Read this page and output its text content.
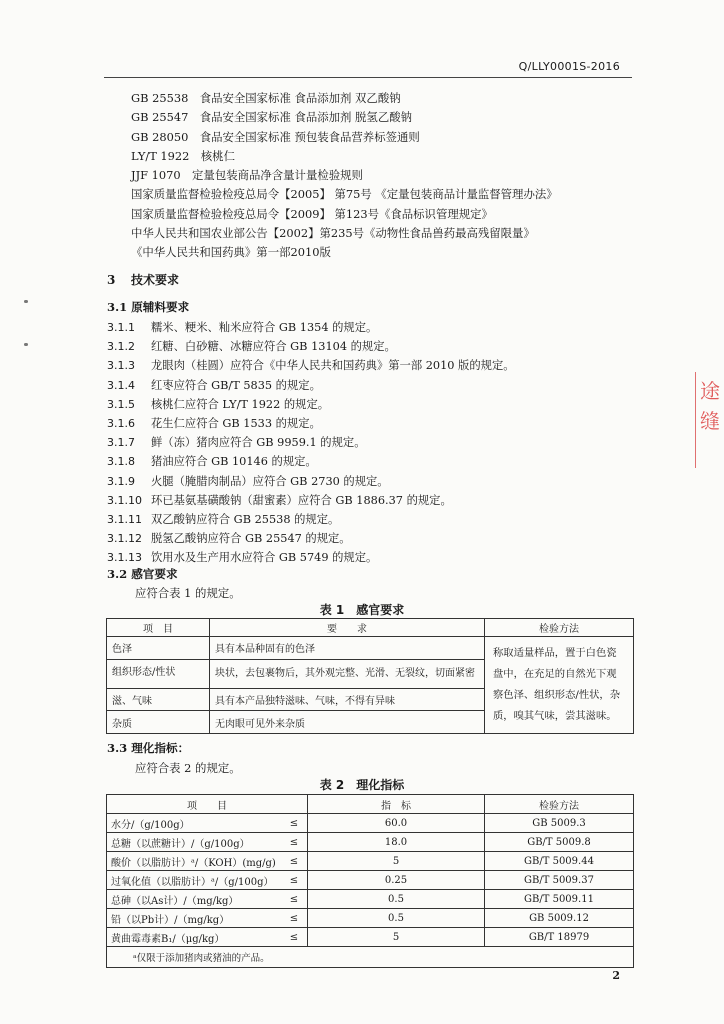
Q/LLY0001S-2016
GB 25538　食品安全国家标准 食品添加剂 双乙酸钠
GB 25547　食品安全国家标准 食品添加剂 脱氢乙酸钠
GB 28050　食品安全国家标准 预包装食品营养标签通则
LY/T 1922　核桃仁
JJF 1070　定量包装商品净含量计量检验规则
国家质量监督检验检疫总局令【2005】 第75号 《定量包装商品计量监督管理办法》
国家质量监督检验检疫总局令【2009】 第123号《食品标识管理规定》
中华人民共和国农业部公告【2002】第235号《动物性食品兽药最高残留限量》
《中华人民共和国药典》第一部2010版
3 技术要求
3.1 原辅料要求
3.1.1 糯米、粳米、籼米应符合 GB 1354 的规定。
3.1.2 红糖、白砂糖、冰糖应符合 GB 13104 的规定。
3.1.3 龙眼肉（桂圆）应符合《中华人民共和国药典》第一部 2010 版的规定。
3.1.4 红枣应符合 GB/T 5835 的规定。
3.1.5 核桃仁应符合 LY/T 1922 的规定。
3.1.6 花生仁应符合 GB 1533 的规定。
3.1.7 鲜（冻）猪肉应符合 GB 9959.1 的规定。
3.1.8 猪油应符合 GB 10146 的规定。
3.1.9 火腿（腌腊肉制品）应符合 GB 2730 的规定。
3.1.10 环已基氨基磺酸钠（甜蜜素）应符合 GB 1886.37 的规定。
3.1.11 双乙酸钠应符合 GB 25538 的规定。
3.1.12 脱氢乙酸钠应符合 GB 25547 的规定。
3.1.13 饮用水及生产用水应符合 GB 5749 的规定。
3.2 感官要求
应符合表 1 的规定。
表 1　感官要求
项　目	要　　求	检验方法
色泽	具有本品种固有的色泽	称取适量样品，置于白色瓷盘中，在充足的自然光下观察色泽、组织形态/性状，杂质，嗅其气味，尝其滋味。
组织形态/性状	块状，去包裹物后，其外观完整、光滑、无裂纹，切面紧密	
滋、气味	具有本产品独特滋味、气味，不得有异味	
杂质	无肉眼可见外来杂质	
3.3 理化指标：
应符合表 2 的规定。
表 2　理化指标
项　　目		指　标	检验方法
水分/（g/100g）	≤	60.0	GB 5009.3
总糖（以蔗糖计）/（g/100g）	≤	18.0	GB/T 5009.8
酸价（以脂肪计）ᵃ/（KOH）(mg/g)	≤	5	GB/T 5009.44
过氧化值（以脂肪计）ᵃ/（g/100g）	≤	0.25	GB/T 5009.37
总砷（以As计）/（mg/kg）	≤	0.5	GB/T 5009.11
铅（以Pb计）/（mg/kg）	≤	0.5	GB 5009.12
黄曲霉毒素B₁/（μg/kg）	≤	5	GB/T 18979
ᵃ仅限于添加猪肉或猪油的产品。			
2
途
缝
